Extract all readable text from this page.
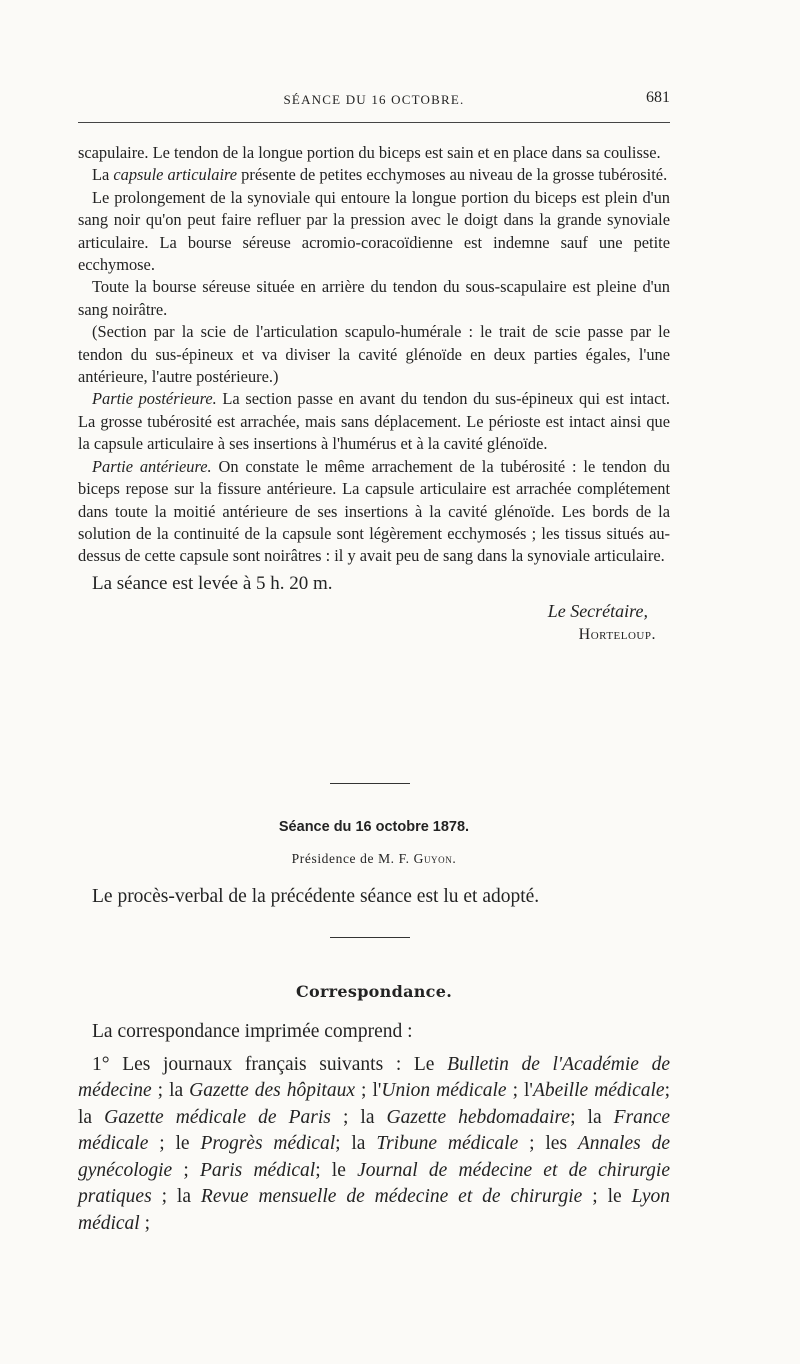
SÉANCE DU 16 OCTOBRE.	681

scapulaire. Le tendon de la longue portion du biceps est sain et en place dans sa coulisse.

La capsule articulaire présente de petites ecchymoses au niveau de la grosse tubérosité.

Le prolongement de la synoviale qui entoure la longue portion du biceps est plein d'un sang noir qu'on peut faire refluer par la pression avec le doigt dans la grande synoviale articulaire. La bourse séreuse acromio-coracoïdienne est indemne sauf une petite ecchymose.

Toute la bourse séreuse située en arrière du tendon du sous-scapulaire est pleine d'un sang noirâtre.

(Section par la scie de l'articulation scapulo-humérale : le trait de scie passe par le tendon du sus-épineux et va diviser la cavité glénoïde en deux parties égales, l'une antérieure, l'autre postérieure.)

Partie postérieure. La section passe en avant du tendon du sus-épineux qui est intact. La grosse tubérosité est arrachée, mais sans déplacement. Le périoste est intact ainsi que la capsule articulaire à ses insertions à l'humérus et à la cavité glénoïde.

Partie antérieure. On constate le même arrachement de la tubérosité : le tendon du biceps repose sur la fissure antérieure. La capsule articulaire est arrachée complétement dans toute la moitié antérieure de ses insertions à la cavité glénoïde. Les bords de la solution de la continuité de la capsule sont légèrement ecchymosés ; les tissus situés au-dessus de cette capsule sont noirâtres : il y avait peu de sang dans la synoviale articulaire.

La séance est levée à 5 h. 20 m.

Le Secrétaire,
Horteloup.
Séance du 16 octobre 1878.
Présidence de M. F. Guyon.
Le procès-verbal de la précédente séance est lu et adopté.
Correspondance.

La correspondance imprimée comprend :

1° Les journaux français suivants : Le Bulletin de l'Académie de médecine ; la Gazette des hôpitaux ; l'Union médicale ; l'Abeille médicale; la Gazette médicale de Paris ; la Gazette hebdomadaire; la France médicale ; le Progrès médical; la Tribune médicale ; les Annales de gynécologie ; Paris médical; le Journal de médecine et de chirurgie pratiques ; la Revue mensuelle de médecine et de chirurgie ; le Lyon médical ;
